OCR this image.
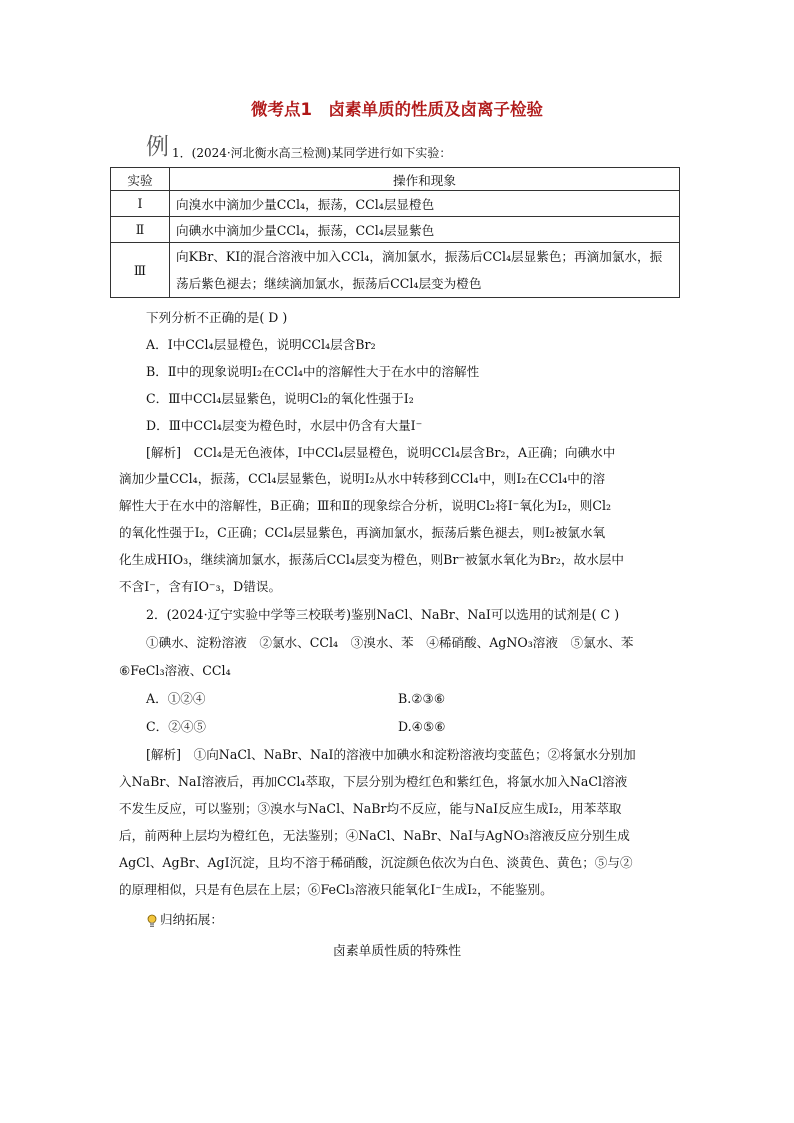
微考点1　卤素单质的性质及卤离子检验
例 1．(2024·河北衡水高三检测)某同学进行如下实验：
实验	操作和现象
Ⅰ	向溴水中滴加少量CCl₄，振荡，CCl₄层显橙色
Ⅱ	向碘水中滴加少量CCl₄，振荡，CCl₄层显紫色
Ⅲ	向KBr、KI的混合溶液中加入CCl₄，滴加氯水，振荡后CCl₄层显紫色；再滴加氯水，振荡后紫色褪去；继续滴加氯水，振荡后CCl₄层变为橙色
下列分析不正确的是( D )
A．Ⅰ中CCl₄层显橙色，说明CCl₄层含Br₂
B．Ⅱ中的现象说明I₂在CCl₄中的溶解性大于在水中的溶解性
C．Ⅲ中CCl₄层显紫色，说明Cl₂的氧化性强于I₂
D．Ⅲ中CCl₄层变为橙色时，水层中仍含有大量I⁻
[解析]　CCl₄是无色液体，Ⅰ中CCl₄层显橙色，说明CCl₄层含Br₂，A正确；向碘水中
滴加少量CCl₄，振荡，CCl₄层显紫色，说明I₂从水中转移到CCl₄中，则I₂在CCl₄中的溶
解性大于在水中的溶解性，B正确；Ⅲ和Ⅱ的现象综合分析，说明Cl₂将I⁻氧化为I₂，则Cl₂
的氧化性强于I₂，C正确；CCl₄层显紫色，再滴加氯水，振荡后紫色褪去，则I₂被氯水氧
化生成HIO₃，继续滴加氯水，振荡后CCl₄层变为橙色，则Br⁻被氯水氧化为Br₂，故水层中
不含I⁻，含有IO⁻₃，D错误。
2．(2024·辽宁实验中学等三校联考)鉴别NaCl、NaBr、NaI可以选用的试剂是( C )
①碘水、淀粉溶液　②氯水、CCl₄　③溴水、苯　④稀硝酸、AgNO₃溶液　⑤氯水、苯
⑥FeCl₃溶液、CCl₄
A．①②④	B.②③⑥
C．②④⑤	D.④⑤⑥
[解析]　①向NaCl、NaBr、NaI的溶液中加碘水和淀粉溶液均变蓝色；②将氯水分别加
入NaBr、NaI溶液后，再加CCl₄萃取，下层分别为橙红色和紫红色，将氯水加入NaCl溶液
不发生反应，可以鉴别；③溴水与NaCl、NaBr均不反应，能与NaI反应生成I₂，用苯萃取
后，前两种上层均为橙红色，无法鉴别；④NaCl、NaBr、NaI与AgNO₃溶液反应分别生成
AgCl、AgBr、AgI沉淀，且均不溶于稀硝酸，沉淀颜色依次为白色、淡黄色、黄色；⑤与②
的原理相似，只是有色层在上层；⑥FeCl₃溶液只能氧化I⁻生成I₂，不能鉴别。
归纳拓展：
卤素单质性质的特殊性
